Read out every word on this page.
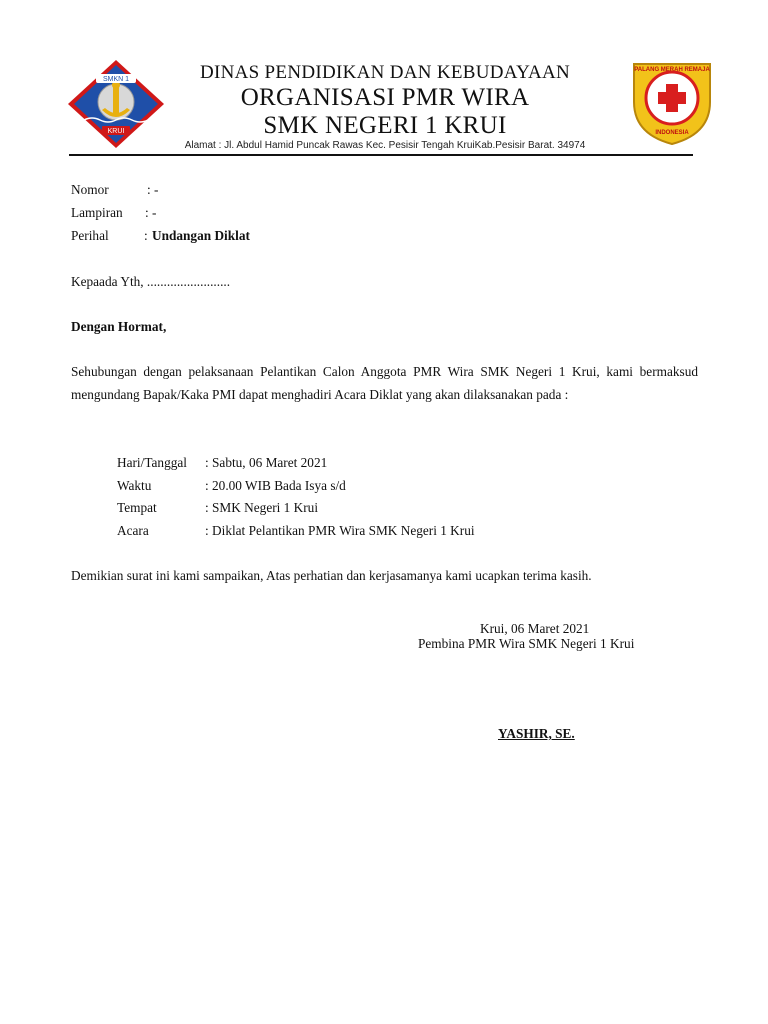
SMKN 1
KRUI
PALANG MERAH REMAJA
INDONESIA
DINAS PENDIDIKAN DAN KEBUDAYAAN
ORGANISASI PMR WIRA
SMK NEGERI 1 KRUI
Alamat : Jl. Abdul Hamid Puncak Rawas Kec. Pesisir Tengah KruiKab.Pesisir Barat. 34974
Nomor	: -
Lampiran : -
Perihal	: Undangan Diklat
Kepaada Yth, .........................
Dengan Hormat,
Sehubungan dengan pelaksanaan Pelantikan Calon Anggota PMR Wira SMK Negeri 1 Krui, kami bermaksud mengundang Bapak/Kaka PMI dapat menghadiri Acara Diklat yang akan dilaksanakan pada :
Hari/Tanggal : Sabtu, 06 Maret 2021
Waktu	: 20.00 WIB Bada Isya s/d
Tempat	: SMK Negeri 1 Krui
Acara	: Diklat Pelantikan PMR Wira SMK Negeri 1 Krui
Demikian surat ini kami sampaikan, Atas perhatian dan kerjasamanya kami ucapkan terima kasih.
Krui, 06 Maret 2021
Pembina PMR Wira SMK Negeri 1 Krui
YASHIR, SE.
